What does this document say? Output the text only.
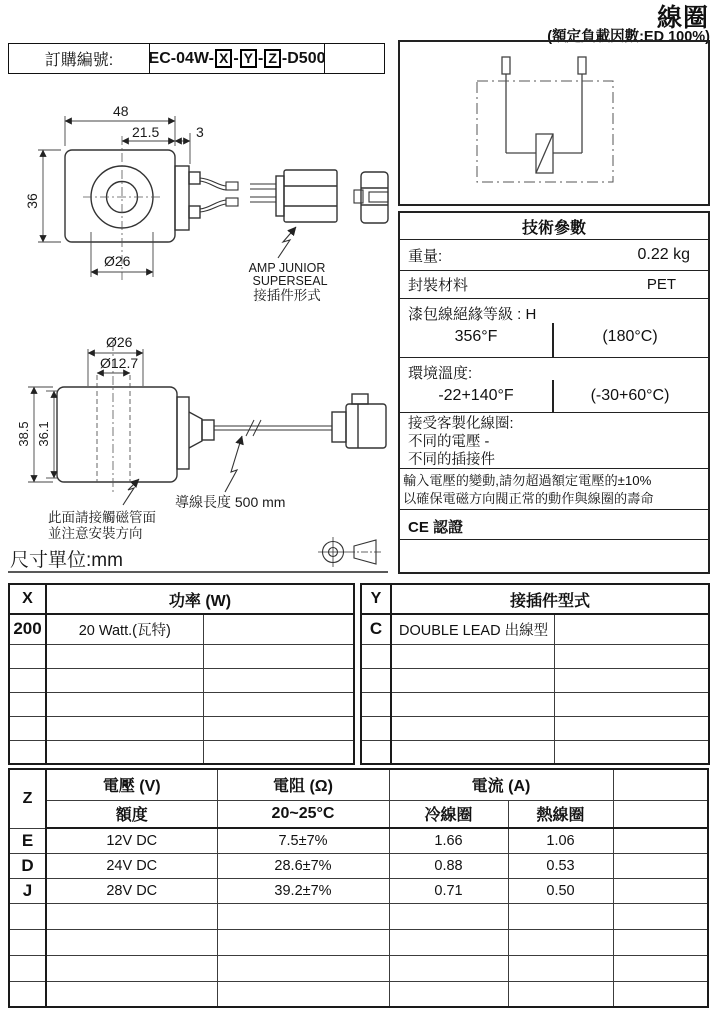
線圈
(額定負載因數:ED 100%)
訂購編號:	EC-04W- X - Y - Z -D500
48
21.5	3
36
Ø26	AMP JUNIOR
SUPERSEAL
接插件形式
Ø26
Ø12.7
38.5 36.1
導線長度 500 mm
此面請接觸磁管面
並注意安裝方向
尺寸單位:mm
技術參數
重量:	0.22 kg
封裝材料	PET
漆包線絕緣等級 : H
356°F	(180°C)
環境溫度:
-22+140°F	(-30+60°C)
接受客製化線圈:
不同的電壓 -
不同的插接件
輸入電壓的變動,請勿超過額定電壓的±10%
以確保電磁方向閥正常的動作與線圈的壽命
CE 認證
X	功率 (W)	
200	20 Watt.(瓦特)	

Y	接插件型式	
C	DOUBLE LEAD 出線型	

Z	電壓 (V)	電阻 (Ω)	電流 (A)		
	額度	20~25°C	冷線圈	熱線圈	
E	12V DC	7.5±7%	1.66	1.06	
D	24V DC	28.6±7%	0.88	0.53	
J	28V DC	39.2±7%	0.71	0.50	
